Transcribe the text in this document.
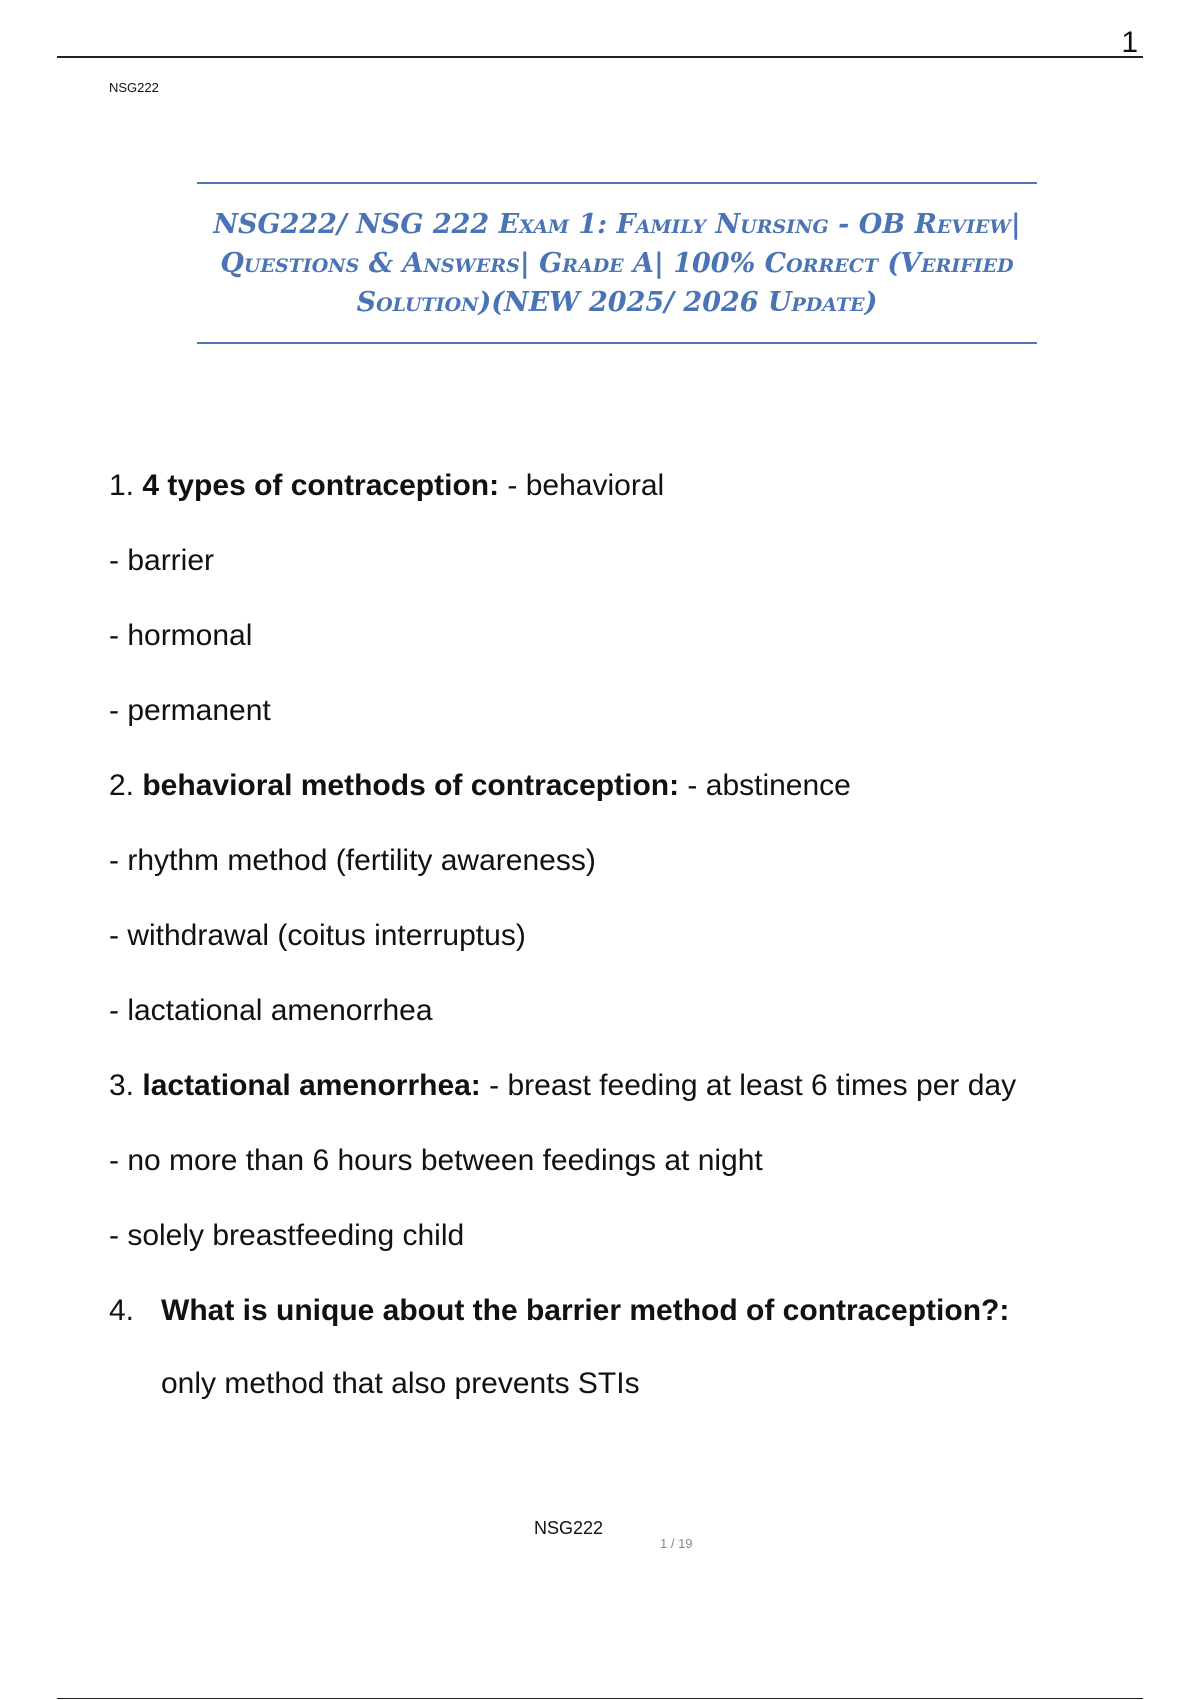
1
NSG222

NSG222/ NSG 222 Exam 1: Family Nursing - OB Review| Questions & Answers| Grade A| 100% Correct (Verified Solution)(NEW 2025/ 2026 Update)

1. 4 types of contraception: - behavioral
- barrier
- hormonal
- permanent
2. behavioral methods of contraception: - abstinence
- rhythm method (fertility awareness)
- withdrawal (coitus interruptus)
- lactational amenorrhea
3. lactational amenorrhea: - breast feeding at least 6 times per day
- no more than 6 hours between feedings at night
- solely breastfeeding child
4. What is unique about the barrier method of contraception?:
only method that also prevents STIs
NSG222
1 / 19
